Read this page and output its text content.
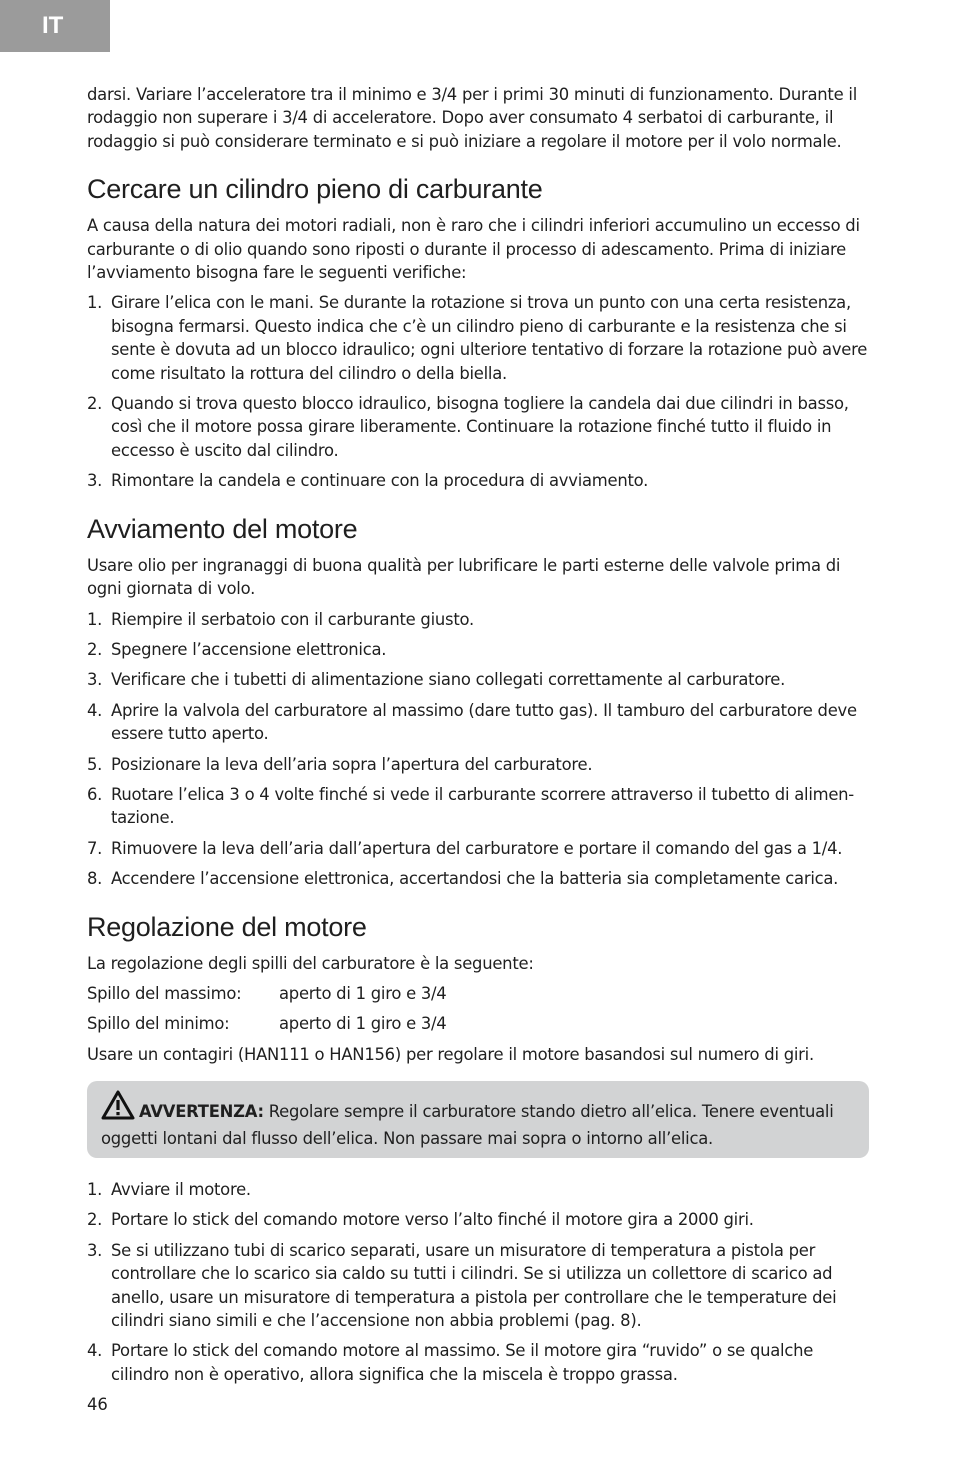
IT

darsi. Variare l’acceleratore tra il minimo e 3/4 per i primi 30 minuti di funzionamento. Durante il rodaggio non superare i 3/4 di acceleratore. Dopo aver consumato 4 serbatoi di carburante, il rodaggio si può considerare terminato e si può iniziare a regolare il motore per il volo normale.

Cercare un cilindro pieno di carburante

A causa della natura dei motori radiali, non è raro che i cilindri inferiori accumulino un eccesso di carburante o di olio quando sono riposti o durante il processo di adescamento. Prima di iniziare l’avviamento bisogna fare le seguenti verifiche:

1. Girare l’elica con le mani. Se durante la rotazione si trova un punto con una certa resistenza, bisogna fermarsi. Questo indica che c’è un cilindro pieno di carburante e la resistenza che si sente è dovuta ad un blocco idraulico; ogni ulteriore tentativo di forzare la rotazione può avere come risultato la rottura del cilindro o della biella.
2. Quando si trova questo blocco idraulico, bisogna togliere la candela dai due cilindri in basso, così che il motore possa girare liberamente. Continuare la rotazione finché tutto il fluido in eccesso è uscito dal cilindro.
3. Rimontare la candela e continuare con la procedura di avviamento.
Avviamento del motore

Usare olio per ingranaggi di buona qualità per lubrificare le parti esterne delle valvole prima di ogni giornata di volo.

1. Riempire il serbatoio con il carburante giusto.
2. Spegnere l’accensione elettronica.
3. Verificare che i tubetti di alimentazione siano collegati correttamente al carburatore.
4. Aprire la valvola del carburatore al massimo (dare tutto gas). Il tamburo del carburatore deve essere tutto aperto.
5. Posizionare la leva dell’aria sopra l’apertura del carburatore.
6. Ruotare l’elica 3 o 4 volte finché si vede il carburante scorrere attraverso il tubetto di alimen- tazione.
7. Rimuovere la leva dell’aria dall’apertura del carburatore e portare il comando del gas a 1/4.
8. Accendere l’accensione elettronica, accertandosi che la batteria sia completamente carica.
Regolazione del motore

La regolazione degli spilli del carburatore è la seguente:

Spillo del massimo:	aperto di 1 giro e 3/4
Spillo del minimo:	aperto di 1 giro e 3/4

Usare un contagiri (HAN111 o HAN156) per regolare il motore basandosi sul numero di giri.

AVVERTENZA: Regolare sempre il carburatore stando dietro all’elica. Tenere eventuali oggetti lontani dal flusso dell’elica. Non passare mai sopra o intorno all’elica.
1. Avviare il motore.
2. Portare lo stick del comando motore verso l’alto finché il motore gira a 2000 giri.
3. Se si utilizzano tubi di scarico separati, usare un misuratore di temperatura a pistola per controllare che lo scarico sia caldo su tutti i cilindri. Se si utilizza un collettore di scarico ad anello, usare un misuratore di temperatura a pistola per controllare che le temperature dei cilindri siano simili e che l’accensione non abbia problemi (pag. 8).
4. Portare lo stick del comando motore al massimo. Se il motore gira “ruvido” o se qualche cilindro non è operativo, allora significa che la miscela è troppo grassa.
46
